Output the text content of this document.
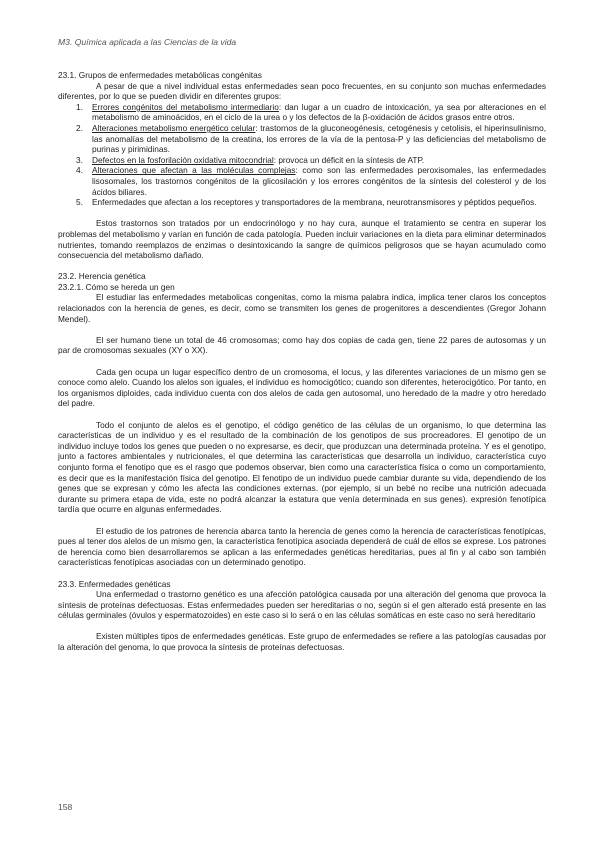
M3. Química aplicada a las Ciencias de la vida
23.1. Grupos de enfermedades metabólicas congénitas

A pesar de que a nivel individual estas enfermedades sean poco frecuentes, en su conjunto son muchas enfermedades diferentes, por lo que se pueden dividir en diferentes grupos:

1. Errores congénitos del metabolismo intermediario: dan lugar a un cuadro de intoxicación, ya sea por alteraciones en el metabolismo de aminoácidos, en el ciclo de la urea o y los defectos de la β-oxidación de ácidos grasos entre otros.
2. Alteraciones metabolismo energético celular: trastornos de la gluconeogénesis, cetogénesis y cetolisis, el hiperinsulinismo, las anomalías del metabolismo de la creatina, los errores de la vía de la pentosa-P y las deficiencias del metabolismo de purinas y pirimidinas.
3. Defectos en la fosforilación oxidativa mitocondrial: provoca un déficit en la síntesis de ATP.
4. Alteraciones que afectan a las moléculas complejas: como son las enfermedades peroxisomales, las enfermedades lisosomales, los trastornos congénitos de la glicosilación y los errores congénitos de la síntesis del colesterol y de los ácidos biliares.
5. Enfermedades que afectan a los receptores y transportadores de la membrana, neurotransmisores y péptidos pequeños.

Estos trastornos son tratados por un endocrinólogo y no hay cura, aunque el tratamiento se centra en superar los problemas del metabolismo y varían en función de cada patología. Pueden incluir variaciones en la dieta para eliminar determinados nutrientes, tomando reemplazos de enzimas o desintoxicando la sangre de químicos peligrosos que se hayan acumulado como consecuencia del metabolismo dañado.

23.2. Herencia genética
23.2.1. Cómo se hereda un gen

El estudiar las enfermedades metabolicas congenitas, como la misma palabra indica, implica tener claros los conceptos relacionados con la herencia de genes, es decir, como se transmiten los genes de progenitores a descendientes (Gregor Johann Mendel).

El ser humano tiene un total de 46 cromosomas; como hay dos copias de cada gen, tiene 22 pares de autosomas y un par de cromosomas sexuales (XY o XX).

Cada gen ocupa un lugar específico dentro de un cromosoma, el locus, y las diferentes variaciones de un mismo gen se conoce como alelo. Cuando los alelos son iguales, el individuo es homocigótico; cuando son diferentes, heterocigótico. Por tanto, en los organismos diploides, cada individuo cuenta con dos alelos de cada gen autosomal, uno heredado de la madre y otro heredado del padre.

Todo el conjunto de alelos es el genotipo, el código genético de las células de un organismo, lo que determina las características de un individuo y es el resultado de la combinación de los genotipos de sus procreadores. El genotipo de un individuo incluye todos los genes que pueden o no expresarse, es decir, que produzcan una determinada proteína. Y es el genotipo, junto a factores ambientales y nutricionales, el que determina las características que desarrolla un individuo, característica cuyo conjunto forma el fenotipo que es el rasgo que podemos observar, bien como una característica física o como un comportamiento, es decir que es la manifestación física del genotipo. El fenotipo de un individuo puede cambiar durante su vida, dependiendo de los genes que se expresan y cómo les afecta las condiciones externas. (por ejemplo, si un bebé no recibe una nutrición adecuada durante su primera etapa de vida, este no podrá alcanzar la estatura que venía determinada en sus genes). expresión fenotípica tardía que ocurre en algunas enfermedades.

El estudio de los patrones de herencia abarca tanto la herencia de genes como la herencia de características fenotípicas, pues al tener dos alelos de un mismo gen, la característica fenotípica asociada dependerá de cuál de ellos se exprese. Los patrones de herencia como bien desarrollaremos se aplican a las enfermedades genéticas hereditarias, pues al fin y al cabo son también características fenotípicas asociadas con un determinado genotipo.

23.3. Enfermedades genéticas

Una enfermedad o trastorno genético es una afección patológica causada por una alteración del genoma que provoca la síntesis de proteínas defectuosas. Estas enfermedades pueden ser hereditarias o no, según si el gen alterado está presente en las células germinales (óvulos y espermatozoides) en este caso si lo será o en las células somáticas en este caso no será hereditario

Existen múltiples tipos de enfermedades genéticas. Este grupo de enfermedades se refiere a las patologías causadas por la alteración del genoma, lo que provoca la síntesis de proteínas defectuosas.

158
